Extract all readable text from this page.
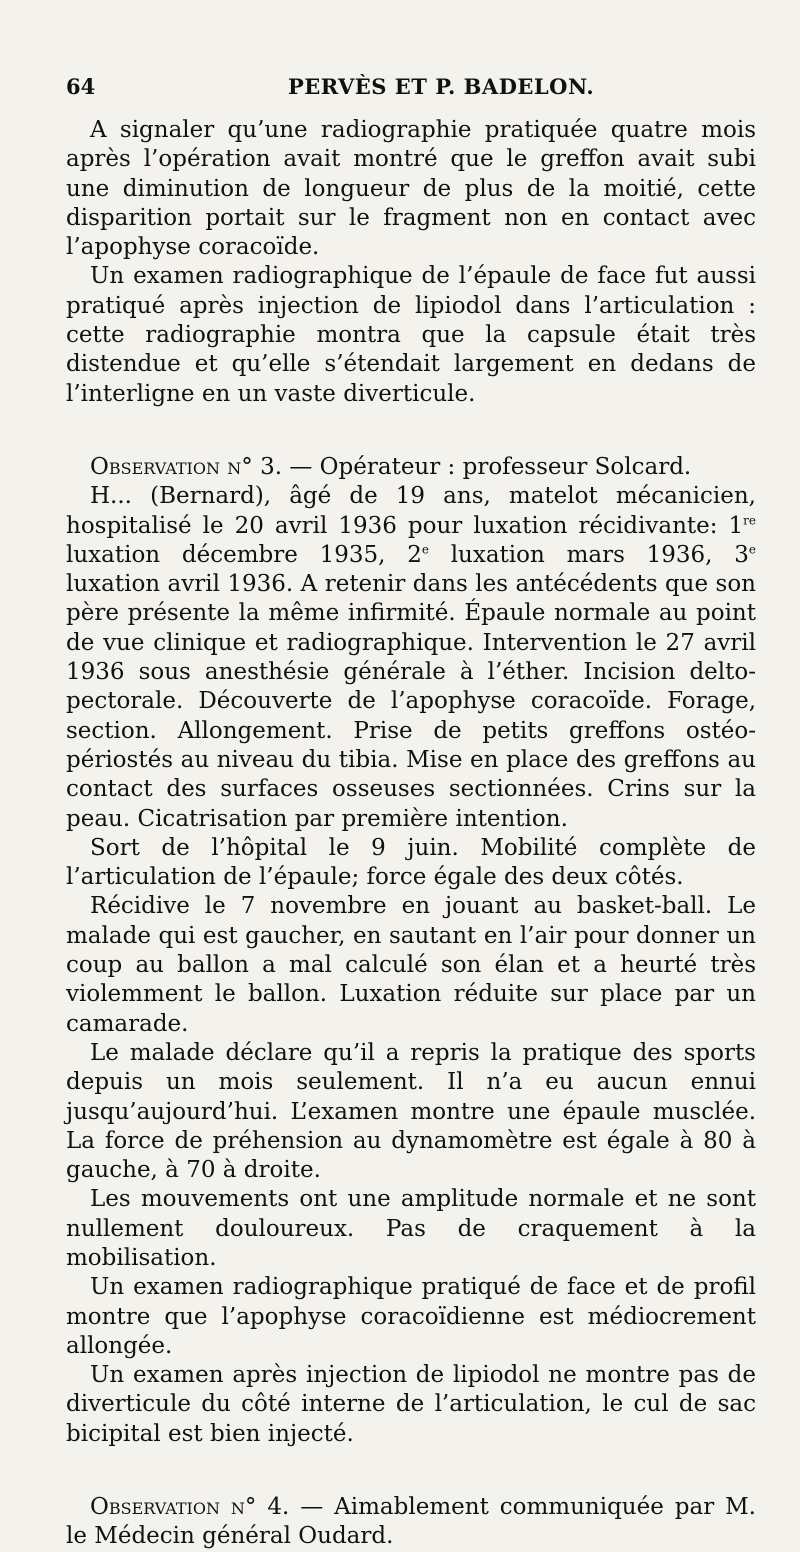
64	PERVÈS ET P. BADELON.

A signaler qu’une radiographie pratiquée quatre mois après l’opération avait montré que le greffon avait subi une diminution de longueur de plus de la moitié, cette disparition portait sur le fragment non en contact avec l’apophyse coracoïde.

Un examen radiographique de l’épaule de face fut aussi pratiqué après injection de lipiodol dans l’articulation : cette radiographie montra que la capsule était très distendue et qu’elle s’étendait largement en dedans de l’interligne en un vaste diverticule.

Observation n° 3. — Opérateur : professeur Solcard.

H... (Bernard), âgé de 19 ans, matelot mécanicien, hospitalisé le 20 avril 1936 pour luxation récidivante: 1re luxation décembre 1935, 2e luxation mars 1936, 3e luxation avril 1936. A retenir dans les antécédents que son père présente la même infirmité. Épaule normale au point de vue clinique et radiographique. Intervention le 27 avril 1936 sous anesthésie générale à l’éther. Incision delto-pectorale. Découverte de l’apophyse coracoïde. Forage, section. Allongement. Prise de petits greffons ostéo-périostés au niveau du tibia. Mise en place des greffons au contact des surfaces osseuses sectionnées. Crins sur la peau. Cicatrisation par première intention.

Sort de l’hôpital le 9 juin. Mobilité complète de l’articulation de l’épaule; force égale des deux côtés.

Récidive le 7 novembre en jouant au basket-ball. Le malade qui est gaucher, en sautant en l’air pour donner un coup au ballon a mal calculé son élan et a heurté très violemment le ballon. Luxation réduite sur place par un camarade.

Le malade déclare qu’il a repris la pratique des sports depuis un mois seulement. Il n’a eu aucun ennui jusqu’aujourd’hui. L’examen montre une épaule musclée. La force de préhension au dynamomètre est égale à 80 à gauche, à 70 à droite.

Les mouvements ont une amplitude normale et ne sont nullement douloureux. Pas de craquement à la mobilisation.

Un examen radiographique pratiqué de face et de profil montre que l’apophyse coracoïdienne est médiocrement allongée.

Un examen après injection de lipiodol ne montre pas de diverticule du côté interne de l’articulation, le cul de sac bicipital est bien injecté.

Observation n° 4. — Aimablement communiquée par M. le Médecin général Oudard.
